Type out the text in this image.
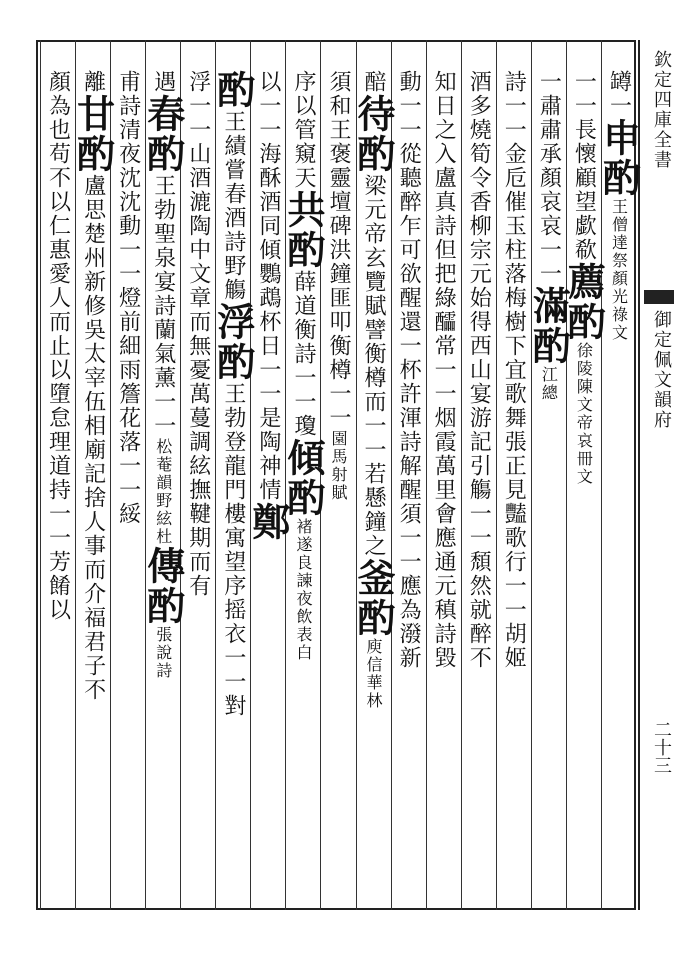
欽定四庫全書
御定佩文韻府
二十三
罇一申酌王僧達祭顏光祿文
一一長懷顧望歔欷薦酌徐陵陳文帝哀冊文
一肅肅承顏哀哀一一滿酌江總
詩一一金卮催玉柱落梅樹下宜歌舞張正見豔歌行一一胡姬
酒多燒筍令香柳宗元始得西山宴游記引觴一一頹然就醉不
知日之入盧真詩但把綠醽常一一烟霞萬里會應通元稹詩毀
動一一從聽醉乍可欲醒還一杯許渾詩解醒須一一應為潑新
醅待酌梁元帝玄覽賦譬衡樽而一一若懸鐘之釜酌庾信華林
須和王褒靈壇碑洪鐘匪叩衡樽一一園馬射賦
序以管窺天共酌薛道衡詩一一瓊傾酌褚遂良諫夜飲表白
以一一海酥酒同傾鸚鵡杯日一一是陶神情鄭
酌王績嘗春酒詩野觴浮酌王勃登龍門樓寓望序摇衣一一對
浮一一山酒漉陶中文章而無憂萬蔓調絃撫鞬期而有
遇春酌王勃聖泉宴詩蘭氣薰一一松菴韻野絃杜傳酌張說詩
甫詩清夜沈沈動一一燈前細雨簷花落一一綏
離甘酌盧思楚州新修吳太宰伍相廟記捨人事而介福君子不
顏為也苟不以仁惠愛人而止以墮怠理道持一一芳餚以
